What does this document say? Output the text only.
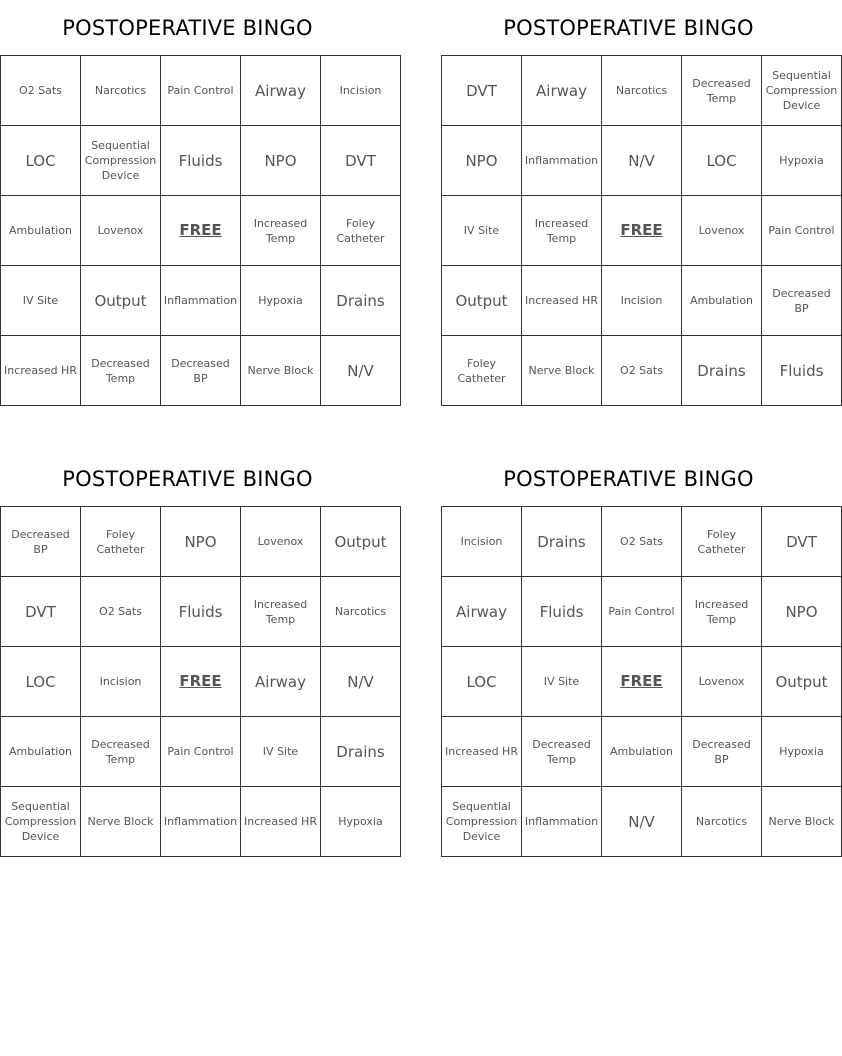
POSTOPERATIVE BINGO
O2 Sats	Narcotics	Pain Control	Airway	Incision
LOC	Sequential Compression Device	Fluids	NPO	DVT
Ambulation	Lovenox	FREE	Increased Temp	Foley Catheter
IV Site	Output	Inflammation	Hypoxia	Drains
Increased HR	Decreased Temp	Decreased BP	Nerve Block	N/V
POSTOPERATIVE BINGO
DVT	Airway	Narcotics	Decreased Temp	Sequential Compression Device
NPO	Inflammation	N/V	LOC	Hypoxia
IV Site	Increased Temp	FREE	Lovenox	Pain Control
Output	Increased HR	Incision	Ambulation	Decreased BP
Foley Catheter	Nerve Block	O2 Sats	Drains	Fluids
POSTOPERATIVE BINGO
Decreased BP	Foley Catheter	NPO	Lovenox	Output
DVT	O2 Sats	Fluids	Increased Temp	Narcotics
LOC	Incision	FREE	Airway	N/V
Ambulation	Decreased Temp	Pain Control	IV Site	Drains
Sequential Compression Device	Nerve Block	Inflammation	Increased HR	Hypoxia
POSTOPERATIVE BINGO
Incision	Drains	O2 Sats	Foley Catheter	DVT
Airway	Fluids	Pain Control	Increased Temp	NPO
LOC	IV Site	FREE	Lovenox	Output
Increased HR	Decreased Temp	Ambulation	Decreased BP	Hypoxia
Sequential Compression Device	Inflammation	N/V	Narcotics	Nerve Block
